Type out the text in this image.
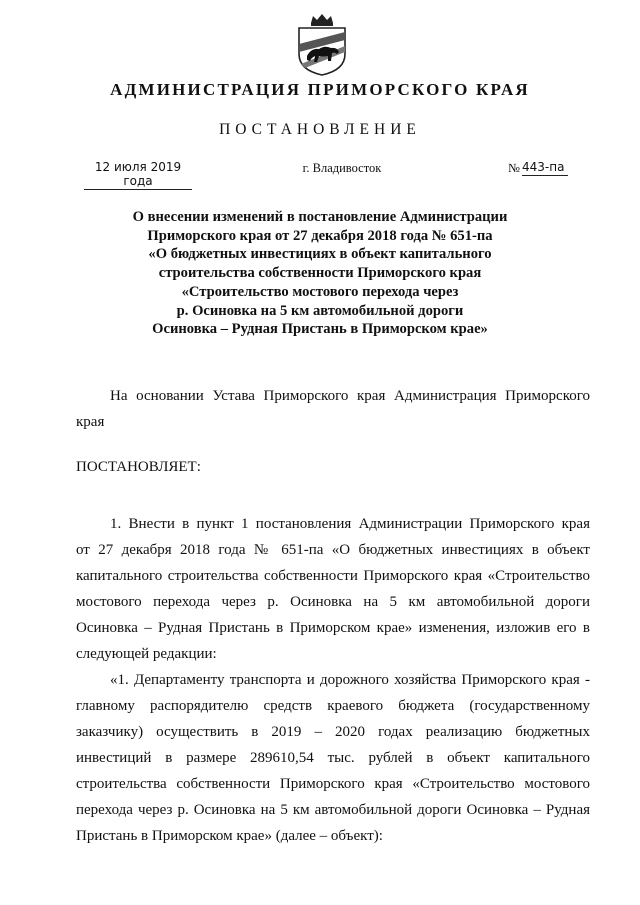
АДМИНИСТРАЦИЯ ПРИМОРСКОГО КРАЯ
ПОСТАНОВЛЕНИЕ
12 июля 2019 года
г. Владивосток	№ 443-па
О внесении изменений в постановление Администрации
Приморского края от 27 декабря 2018 года № 651-па
«О бюджетных инвестициях в объект капитального
строительства собственности Приморского края
«Строительство мостового перехода через
р. Осиновка на 5 км автомобильной дороги
Осиновка – Рудная Пристань в Приморском крае»
На основании Устава Приморского края Администрация Приморского
края
ПОСТАНОВЛЯЕТ:
1. Внести в пункт 1 постановления Администрации Приморского края
от 27 декабря 2018 года № 651-па «О бюджетных инвестициях в объект
капитального строительства собственности Приморского края «Строительство
мостового перехода через р. Осиновка на 5 км автомобильной дороги
Осиновка – Рудная Пристань в Приморском крае» изменения, изложив его в
следующей редакции:
«1. Департаменту транспорта и дорожного хозяйства Приморского края -
главному распорядителю средств краевого бюджета (государственному
заказчику) осуществить в 2019 – 2020 годах реализацию бюджетных
инвестиций в размере 289610,54 тыс. рублей в объект капитального
строительства собственности Приморского края «Строительство мостового
перехода через р. Осиновка на 5 км автомобильной дороги Осиновка – Рудная
Пристань в Приморском крае» (далее – объект):
